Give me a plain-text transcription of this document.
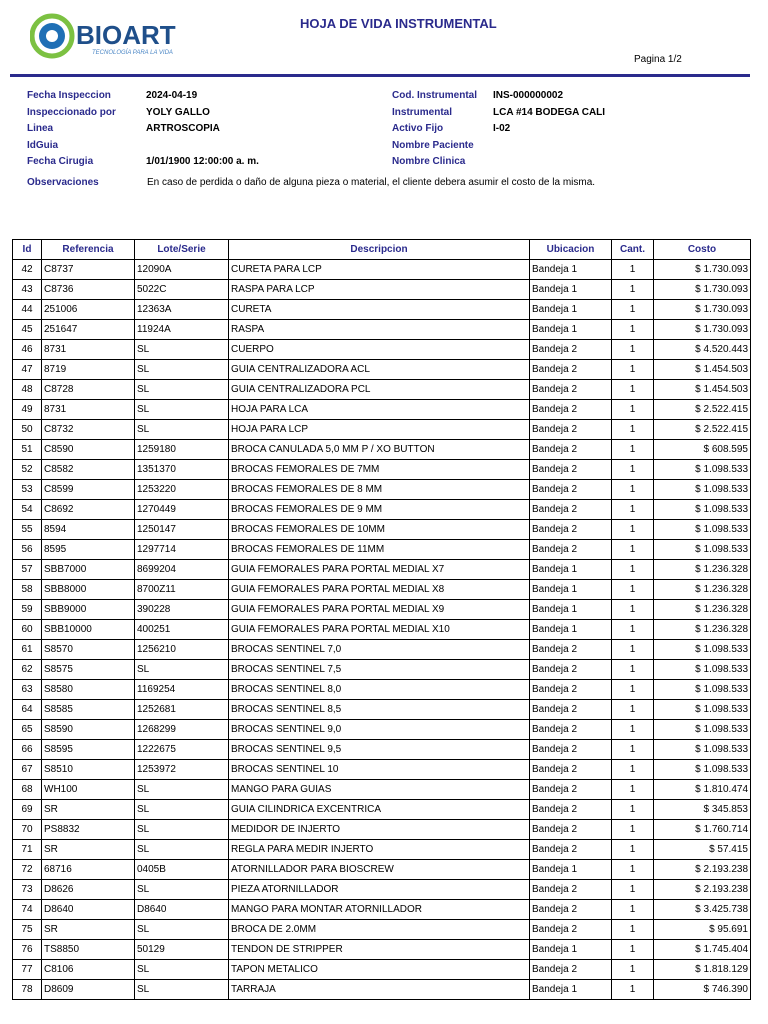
BIOART
TECNOLOGÍA PARA LA VIDA
HOJA DE VIDA INSTRUMENTAL
Pagina 1/2
Fecha Inspeccion	2024-04-19
Inspeccionado por	YOLY GALLO
Linea	ARTROSCOPIA
IdGuia
Fecha Cirugia	1/01/1900 12:00:00 a. m.
Observaciones	En caso de perdida o daño de alguna pieza o material, el cliente debera asumir el costo de la misma.
Cod. Instrumental INS-000000002
Instrumental	LCA #14 BODEGA CALI
Activo Fijo	I-02
Nombre Paciente
Nombre Clinica
Id	Referencia	Lote/Serie	Descripcion	Ubicacion	Cant.	Costo
42	C8737	12090A	CURETA PARA LCP	Bandeja 1	1	$ 1.730.093
43	C8736	5022C	RASPA PARA LCP	Bandeja 1	1	$ 1.730.093
44	251006	12363A	CURETA	Bandeja 1	1	$ 1.730.093
45	251647	11924A	RASPA	Bandeja 1	1	$ 1.730.093
46	8731	SL	CUERPO	Bandeja 2	1	$ 4.520.443
47	8719	SL	GUIA CENTRALIZADORA ACL	Bandeja 2	1	$ 1.454.503
48	C8728	SL	GUIA CENTRALIZADORA PCL	Bandeja 2	1	$ 1.454.503
49	8731	SL	HOJA PARA LCA	Bandeja 2	1	$ 2.522.415
50	C8732	SL	HOJA PARA LCP	Bandeja 2	1	$ 2.522.415
51	C8590	1259180	BROCA CANULADA 5,0 MM P / XO BUTTON	Bandeja 2	1	$ 608.595
52	C8582	1351370	BROCAS FEMORALES DE 7MM	Bandeja 2	1	$ 1.098.533
53	C8599	1253220	BROCAS FEMORALES DE 8 MM	Bandeja 2	1	$ 1.098.533
54	C8692	1270449	BROCAS FEMORALES DE 9 MM	Bandeja 2	1	$ 1.098.533
55	8594	1250147	BROCAS FEMORALES DE 10MM	Bandeja 2	1	$ 1.098.533
56	8595	1297714	BROCAS FEMORALES DE 11MM	Bandeja 2	1	$ 1.098.533
57	SBB7000	8699204	GUIA FEMORALES PARA PORTAL MEDIAL X7	Bandeja 1	1	$ 1.236.328
58	SBB8000	8700Z11	GUIA FEMORALES PARA PORTAL MEDIAL X8	Bandeja 1	1	$ 1.236.328
59	SBB9000	390228	GUIA FEMORALES PARA PORTAL MEDIAL X9	Bandeja 1	1	$ 1.236.328
60	SBB10000	400251	GUIA FEMORALES PARA PORTAL MEDIAL X10	Bandeja 1	1	$ 1.236.328
61	S8570	1256210	BROCAS SENTINEL 7,0	Bandeja 2	1	$ 1.098.533
62	S8575	SL	BROCAS SENTINEL 7,5	Bandeja 2	1	$ 1.098.533
63	S8580	1169254	BROCAS SENTINEL 8,0	Bandeja 2	1	$ 1.098.533
64	S8585	1252681	BROCAS SENTINEL 8,5	Bandeja 2	1	$ 1.098.533
65	S8590	1268299	BROCAS SENTINEL 9,0	Bandeja 2	1	$ 1.098.533
66	S8595	1222675	BROCAS SENTINEL 9,5	Bandeja 2	1	$ 1.098.533
67	S8510	1253972	BROCAS SENTINEL 10	Bandeja 2	1	$ 1.098.533
68	WH100	SL	MANGO PARA GUIAS	Bandeja 2	1	$ 1.810.474
69	SR	SL	GUIA CILINDRICA EXCENTRICA	Bandeja 2	1	$ 345.853
70	PS8832	SL	MEDIDOR DE INJERTO	Bandeja 2	1	$ 1.760.714
71	SR	SL	REGLA PARA MEDIR INJERTO	Bandeja 2	1	$ 57.415
72	68716	0405B	ATORNILLADOR PARA BIOSCREW	Bandeja 1	1	$ 2.193.238
73	D8626	SL	PIEZA ATORNILLADOR	Bandeja 2	1	$ 2.193.238
74	D8640	D8640	MANGO PARA MONTAR ATORNILLADOR	Bandeja 2	1	$ 3.425.738
75	SR	SL	BROCA DE 2.0MM	Bandeja 2	1	$ 95.691
76	TS8850	50129	TENDON DE STRIPPER	Bandeja 1	1	$ 1.745.404
77	C8106	SL	TAPON METALICO	Bandeja 2	1	$ 1.818.129
78	D8609	SL	TARRAJA	Bandeja 1	1	$ 746.390
